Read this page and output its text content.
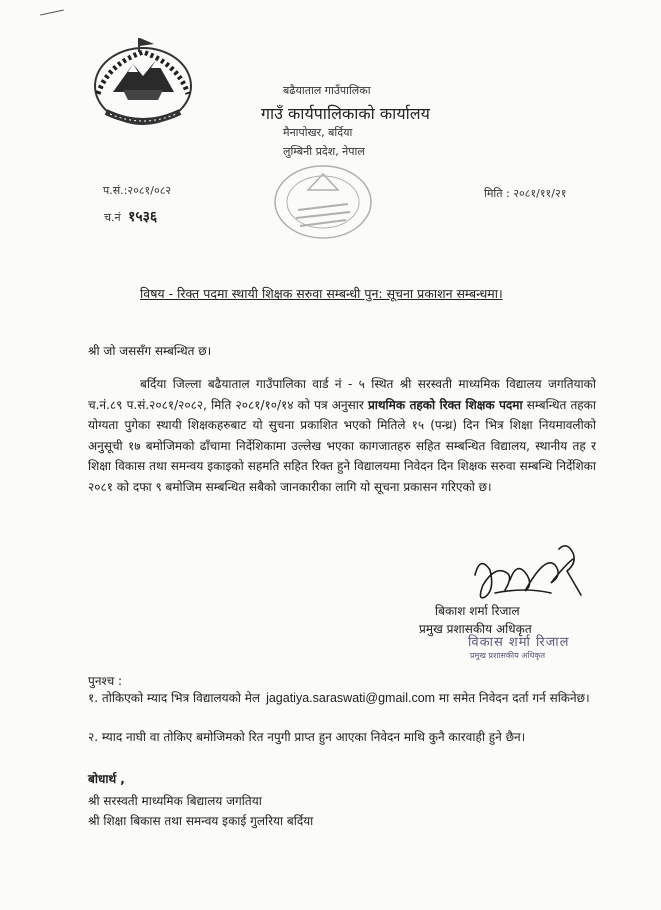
बढैयाताल गाउँपालिका
गाउँ कार्यपालिकाको कार्यालय
मैनापोखर, बर्दिया
लुम्बिनी प्रदेश, नेपाल
प.सं.:२०८१/०८२
च.नं १५३६
मिति : २०८१/११/२१
विषय - रिक्त पदमा स्थायी शिक्षक सरुवा सम्बन्धी पुन: सूचना प्रकाशन सम्बन्धमा।
श्री जो जससँग सम्बन्धित छ।
बर्दिया जिल्ला बढैयाताल गाउँपालिका वार्ड नं - ५ स्थित श्री सरस्वती माध्यमिक विद्यालय जगतियाको च.नं.८९ प.सं.२०८१/२०८२, मिति २०८१/१०/१४ को पत्र अनुसार प्राथमिक तहको रिक्त शिक्षक पदमा सम्बन्धित तहका योग्यता पुगेका स्थायी शिक्षकहरुबाट यो सुचना प्रकाशित भएको मितिले १५ (पन्ध्र) दिन भित्र शिक्षा नियमावलीको अनुसूची १७ बमोजिमको ढाँचामा निर्देशिकामा उल्लेख भएका कागजातहरु सहित सम्बन्धित विद्यालय, स्थानीय तह र शिक्षा विकास तथा समन्वय इकाइको सहमति सहित रिक्त हुने विद्यालयमा निवेदन दिन शिक्षक सरुवा सम्बन्धि निर्देशिका २०८१ को दफा ९ बमोजिम सम्बन्धित सबैको जानकारीका लागि यो सूचना प्रकासन गरिएको छ।
बिकाश शर्मा रिजाल
प्रमुख प्रशासकीय अधिकृत
विकास शर्मा रिजाल
प्रमुख प्रशासकीय अधिकृत
पुनश्च :
१. तोकिएको म्याद भित्र विद्यालयको मेल jagatiya.saraswati@gmail.com मा समेत निवेदन दर्ता गर्न सकिनेछ।
२. म्याद नाघी वा तोकिए बमोजिमको रित नपुगी प्राप्त हुन आएका निवेदन माथि कुनै कारवाही हुने छैन।
बोधार्थ ,
श्री सरस्वती माध्यमिक बिद्यालय जगतिया
श्री शिक्षा बिकास तथा समन्वय इकाई गुलरिया बर्दिया
